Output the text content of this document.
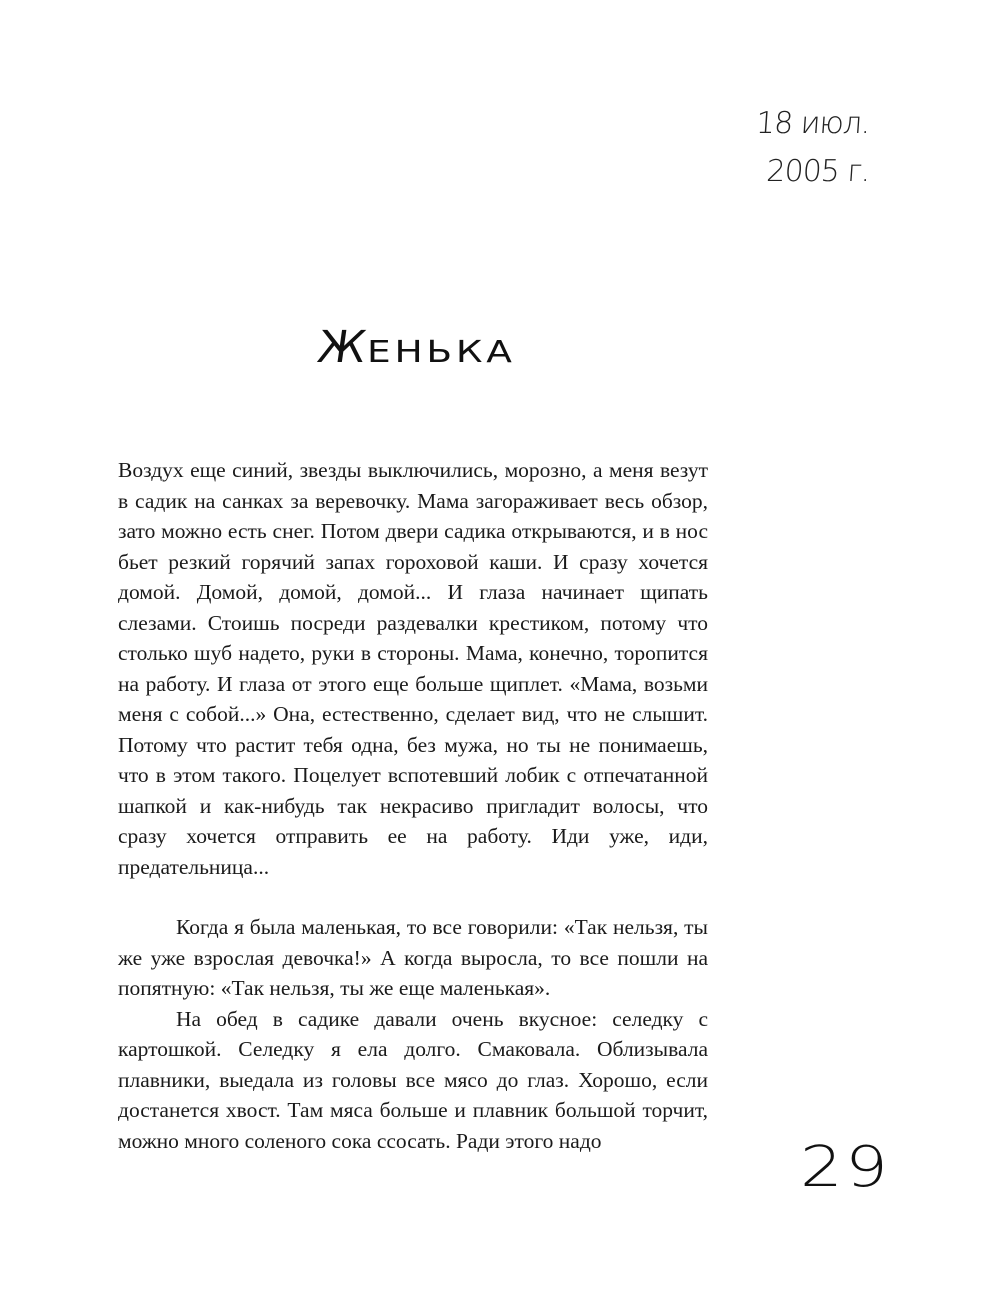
18 июл.
2005 г.
ЖЕНЬКА

Воздух еще синий, звезды выключились, морозно, а меня везут в садик на санках за веревочку. Мама загораживает весь обзор, зато можно есть снег. Потом двери садика открываются, и в нос бьет резкий горячий запах гороховой каши. И сразу хочется домой. Домой, домой, домой... И глаза начинает щипать слезами. Стоишь посреди раздевалки крестиком, потому что столько шуб надето, руки в стороны. Мама, конечно, торопится на работу. И глаза от этого еще больше щиплет. «Мама, возьми меня с собой...» Она, естественно, сделает вид, что не слышит. Потому что растит тебя одна, без мужа, но ты не понимаешь, что в этом такого. Поцелует вспотевший лобик с отпечатанной шапкой и как-нибудь так некрасиво пригладит волосы, что сразу хочется отправить ее на работу. Иди уже, иди, предательница...

Когда я была маленькая, то все говорили: «Так нельзя, ты же уже взрослая девочка!» А когда выросла, то все пошли на попятную: «Так нельзя, ты же еще маленькая».

На обед в садике давали очень вкусное: селедку с картошкой. Селедку я ела долго. Смаковала. Облизывала плавники, выедала из головы все мясо до глаз. Хорошо, если достанется хвост. Там мяса больше и плавник большой торчит, можно много соленого сока ссосать. Ради этого надо	29
